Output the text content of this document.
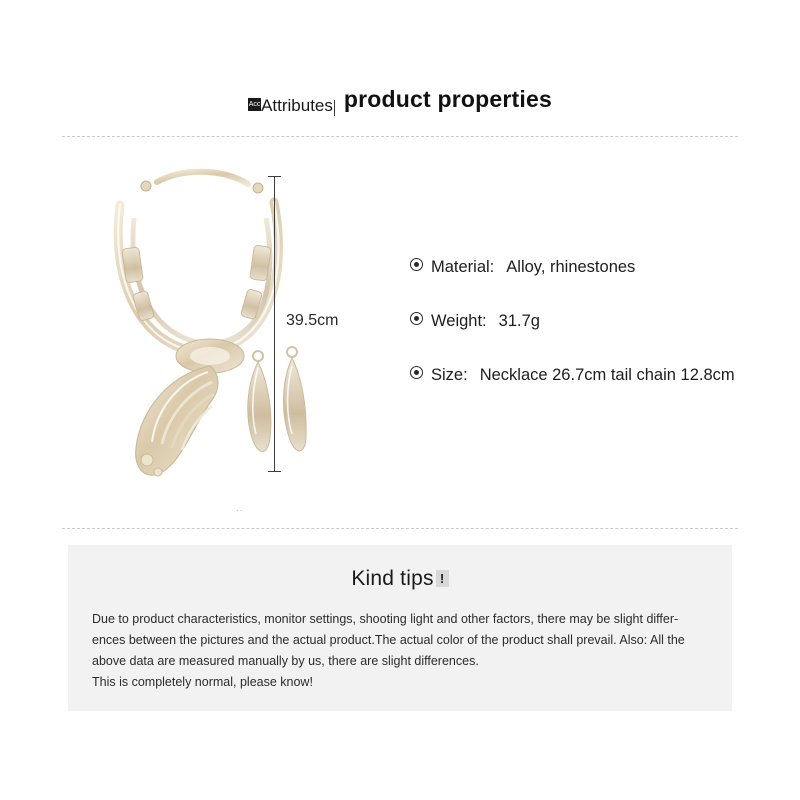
Acc Attributes product properties
39.5cm
..
Material: Alloy, rhinestones
Weight: 31.7g
Size: Necklace 26.7cm tail chain 12.8cm
Kind tips !

Due to product characteristics, monitor settings, shooting light and other factors, there may be slight differ-

ences between the pictures and the actual product.The actual color of the product shall prevail. Also: All the

above data are measured manually by us, there are slight differences.

This is completely normal, please know!
